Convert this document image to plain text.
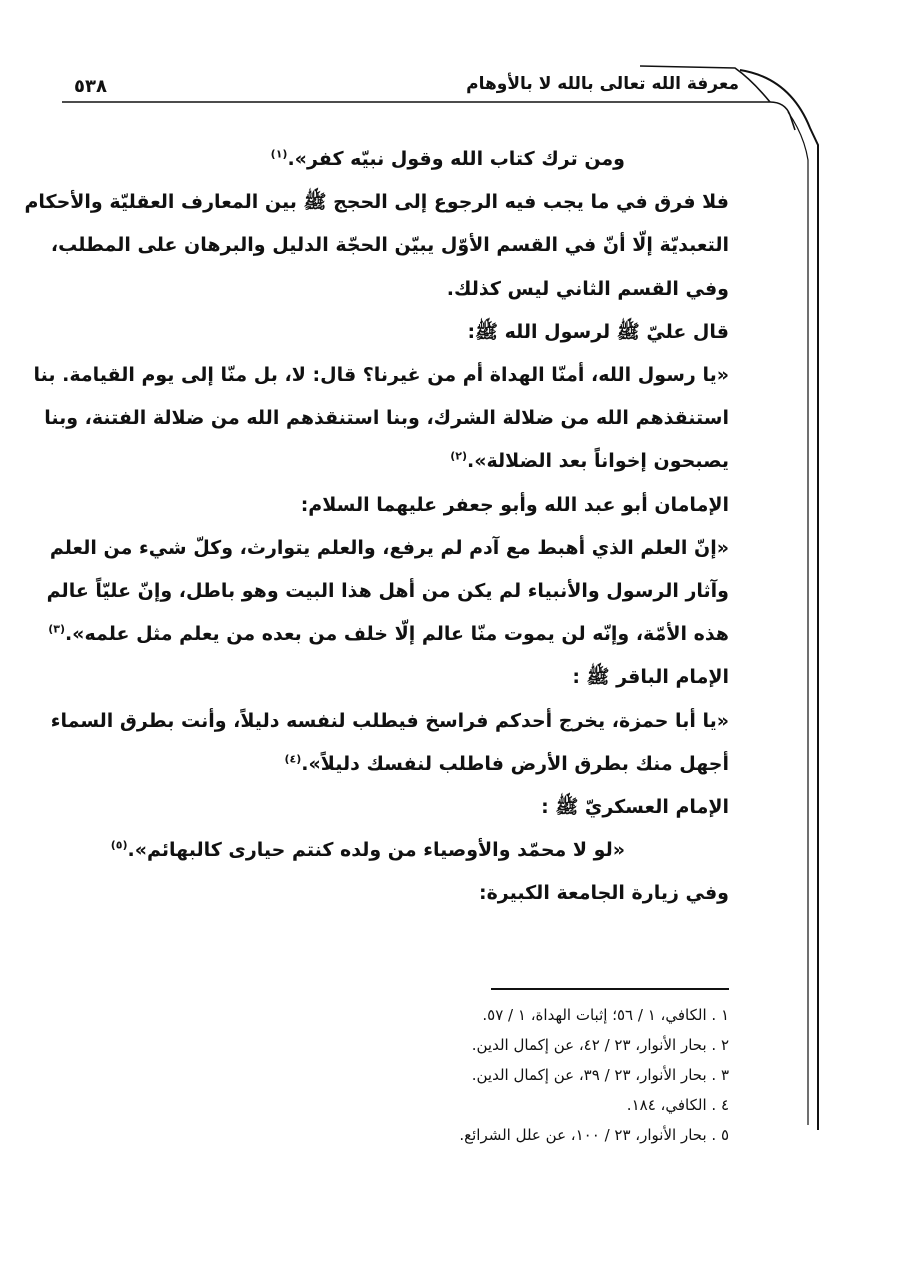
معرفة الله تعالى بالله لا بالأوهام
٥٣٨
ومن ترك كتاب الله وقول نبيّه كفر».$^{(١)}$
فلا فرق في ما يجب فيه الرجوع إلى الحجج ﷺ بين المعارف العقليّة والأحكام
التعبديّة إلّا أنّ في القسم الأوّل يبيّن الحجّة الدليل والبرهان على المطلب،
وفي القسم الثاني ليس كذلك.
قال عليّ ﷺ لرسول الله ﷺ:
«يا رسول الله، أمنّا الهداة أم من غيرنا؟ قال: لا، بل منّا إلى يوم القيامة. بنا
استنقذهم الله من ضلالة الشرك، وبنا استنقذهم الله من ضلالة الفتنة، وبنا
يصبحون إخواناً بعد الضلالة».$^{(٢)}$
الإمامان أبو عبد الله وأبو جعفر عليهما السلام:
«إنّ العلم الذي أهبط مع آدم لم يرفع، والعلم يتوارث، وكلّ شيء من العلم
وآثار الرسول والأنبياء لم يكن من أهل هذا البيت وهو باطل، وإنّ عليّاً عالم
هذه الأمّة، وإنّه لن يموت منّا عالم إلّا خلف من بعده من يعلم مثل علمه».$^{(٣)}$
الإمام الباقر ﷺ :
«يا أبا حمزة، يخرج أحدكم فراسخ فيطلب لنفسه دليلاً، وأنت بطرق السماء
أجهل منك بطرق الأرض فاطلب لنفسك دليلاً».$^{(٤)}$
الإمام العسكريّ ﷺ :
«لو لا محمّد والأوصياء من ولده كنتم حيارى كالبهائم».$^{(٥)}$
وفي زيارة الجامعة الكبيرة:
١ . الكافي، ١ / ٥٦؛ إثبات الهداة، ١ / ٥٧.
٢ . بحار الأنوار، ٢٣ / ٤٢، عن إكمال الدين.
٣ . بحار الأنوار، ٢٣ / ٣٩، عن إكمال الدين.
٤ . الكافي، ١٨٤.
٥ . بحار الأنوار، ٢٣ / ١٠٠، عن علل الشرائع.
